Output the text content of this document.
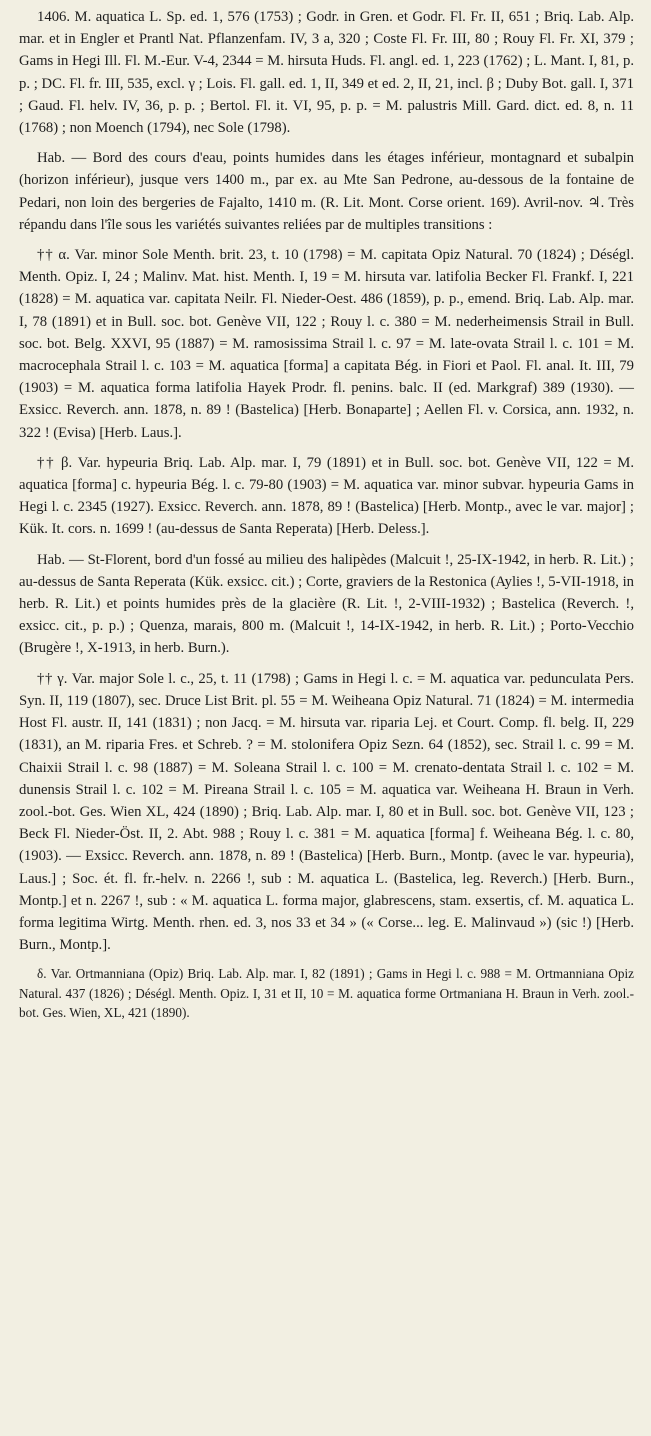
1406. M. aquatica L. Sp. ed. 1, 576 (1753) ; Godr. in Gren. et Godr. Fl. Fr. II, 651 ; Briq. Lab. Alp. mar. et in Engler et Prantl Nat. Pflanzenfam. IV, 3 a, 320 ; Coste Fl. Fr. III, 80 ; Rouy Fl. Fr. XI, 379 ; Gams in Hegi Ill. Fl. M.-Eur. V-4, 2344 = M. hirsuta Huds. Fl. angl. ed. 1, 223 (1762) ; L. Mant. I, 81, p. p. ; DC. Fl. fr. III, 535, excl. γ ; Lois. Fl. gall. ed. 1, II, 349 et ed. 2, II, 21, incl. β ; Duby Bot. gall. I, 371 ; Gaud. Fl. helv. IV, 36, p. p. ; Bertol. Fl. it. VI, 95, p. p. = M. palustris Mill. Gard. dict. ed. 8, n. 11 (1768) ; non Moench (1794), nec Sole (1798).

Hab. — Bord des cours d'eau, points humides dans les étages inférieur, montagnard et subalpin (horizon inférieur), jusque vers 1400 m., par ex. au Mte San Pedrone, au-dessous de la fontaine de Pedari, non loin des bergeries de Fajalto, 1410 m. (R. Lit. Mont. Corse orient. 169). Avril-nov. ♃. Très répandu dans l'île sous les variétés suivantes reliées par de multiples transitions :

†† α. Var. minor Sole Menth. brit. 23, t. 10 (1798) = M. capitata Opiz Natural. 70 (1824) ; Déségl. Menth. Opiz. I, 24 ; Malinv. Mat. hist. Menth. I, 19 = M. hirsuta var. latifolia Becker Fl. Frankf. I, 221 (1828) = M. aquatica var. capitata Neilr. Fl. Nieder-Oest. 486 (1859), p. p., emend. Briq. Lab. Alp. mar. I, 78 (1891) et in Bull. soc. bot. Genève VII, 122 ; Rouy l. c. 380 = M. nederheimensis Strail in Bull. soc. bot. Belg. XXVI, 95 (1887) = M. ramosissima Strail l. c. 97 = M. late-ovata Strail l. c. 101 = M. macrocephala Strail l. c. 103 = M. aquatica [forma] a capitata Bég. in Fiori et Paol. Fl. anal. It. III, 79 (1903) = M. aquatica forma latifolia Hayek Prodr. fl. penins. balc. II (ed. Markgraf) 389 (1930). — Exsicc. Reverch. ann. 1878, n. 89 ! (Bastelica) [Herb. Bonaparte] ; Aellen Fl. v. Corsica, ann. 1932, n. 322 ! (Evisa) [Herb. Laus.].

†† β. Var. hypeuria Briq. Lab. Alp. mar. I, 79 (1891) et in Bull. soc. bot. Genève VII, 122 = M. aquatica [forma] c. hypeuria Bég. l. c. 79-80 (1903) = M. aquatica var. minor subvar. hypeuria Gams in Hegi l. c. 2345 (1927). Exsicc. Reverch. ann. 1878, 89 ! (Bastelica) [Herb. Montp., avec le var. major] ; Kük. It. cors. n. 1699 ! (au-dessus de Santa Reperata) [Herb. Deless.].

Hab. — St-Florent, bord d'un fossé au milieu des halipèdes (Malcuit !, 25-IX-1942, in herb. R. Lit.) ; au-dessus de Santa Reperata (Kük. exsicc. cit.) ; Corte, graviers de la Restonica (Aylies !, 5-VII-1918, in herb. R. Lit.) et points humides près de la glacière (R. Lit. !, 2-VIII-1932) ; Bastelica (Reverch. !, exsicc. cit., p. p.) ; Quenza, marais, 800 m. (Malcuit !, 14-IX-1942, in herb. R. Lit.) ; Porto-Vecchio (Brugère !, X-1913, in herb. Burn.).

†† γ. Var. major Sole l. c., 25, t. 11 (1798) ; Gams in Hegi l. c. = M. aquatica var. pedunculata Pers. Syn. II, 119 (1807), sec. Druce List Brit. pl. 55 = M. Weiheana Opiz Natural. 71 (1824) = M. intermedia Host Fl. austr. II, 141 (1831) ; non Jacq. = M. hirsuta var. riparia Lej. et Court. Comp. fl. belg. II, 229 (1831), an M. riparia Fres. et Schreb. ? = M. stolonifera Opiz Sezn. 64 (1852), sec. Strail l. c. 99 = M. Chaixii Strail l. c. 98 (1887) = M. Soleana Strail l. c. 100 = M. crenato-dentata Strail l. c. 102 = M. dunensis Strail l. c. 102 = M. Pireana Strail l. c. 105 = M. aquatica var. Weiheana H. Braun in Verh. zool.-bot. Ges. Wien XL, 424 (1890) ; Briq. Lab. Alp. mar. I, 80 et in Bull. soc. bot. Genève VII, 123 ; Beck Fl. Nieder-Öst. II, 2. Abt. 988 ; Rouy l. c. 381 = M. aquatica [forma] f. Weiheana Bég. l. c. 80, (1903). — Exsicc. Reverch. ann. 1878, n. 89 ! (Bastelica) [Herb. Burn., Montp. (avec le var. hypeuria), Laus.] ; Soc. ét. fl. fr.-helv. n. 2266 !, sub : M. aquatica L. (Bastelica, leg. Reverch.) [Herb. Burn., Montp.] et n. 2267 !, sub : « M. aquatica L. forma major, glabrescens, stam. exsertis, cf. M. aquatica L. forma legitima Wirtg. Menth. rhen. ed. 3, nos 33 et 34 » (« Corse... leg. E. Malinvaud ») (sic !) [Herb. Burn., Montp.].

δ. Var. Ortmanniana (Opiz) Briq. Lab. Alp. mar. I, 82 (1891) ; Gams in Hegi l. c. 988 = M. Ortmanniana Opiz Natural. 437 (1826) ; Déségl. Menth. Opiz. I, 31 et II, 10 = M. aquatica forme Ortmaniana H. Braun in Verh. zool.-bot. Ges. Wien, XL, 421 (1890).
